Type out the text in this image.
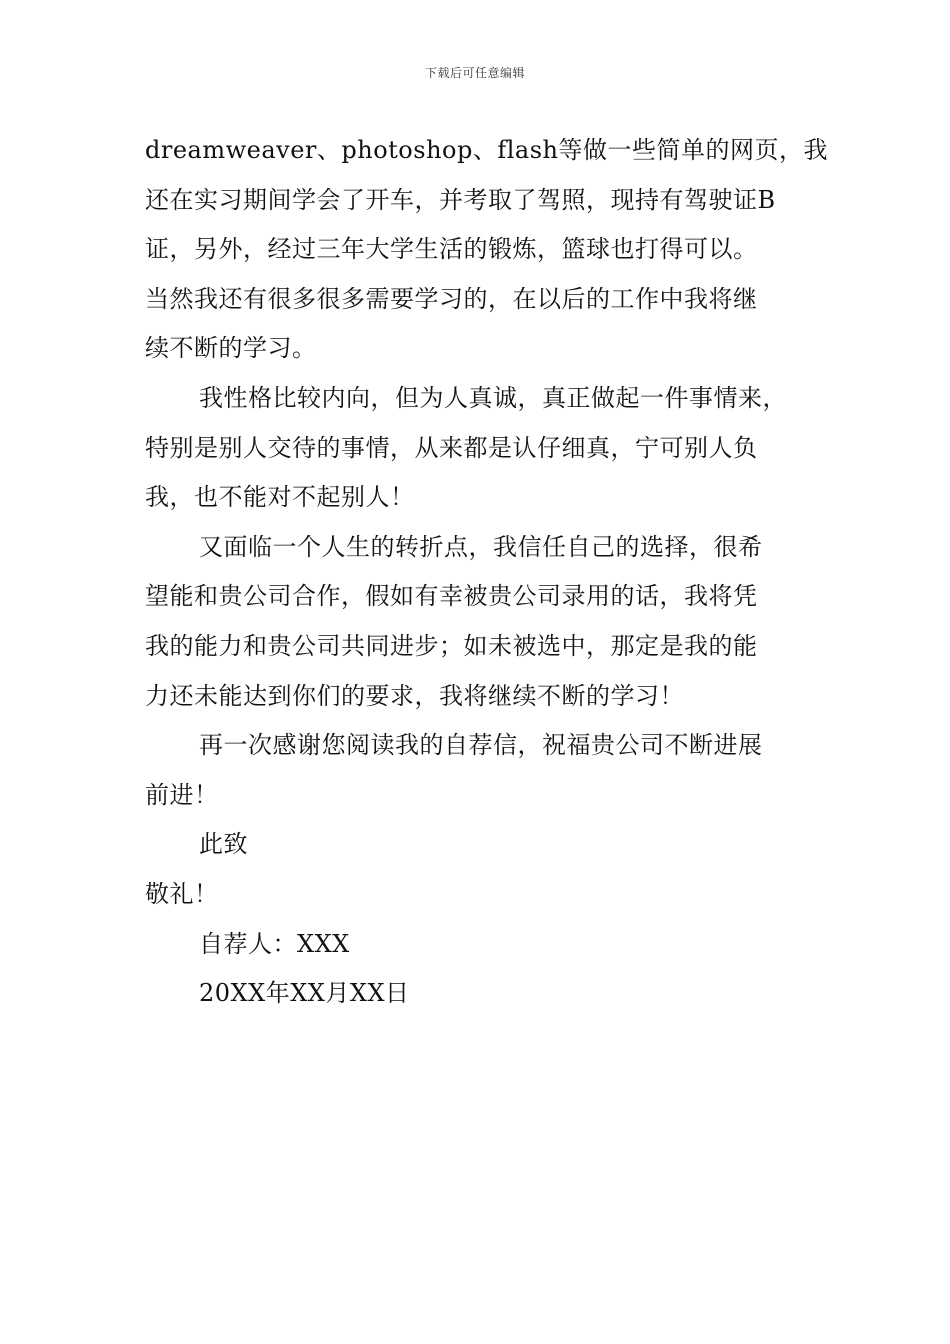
下载后可任意编辑
dreamweaver、photoshop、flash等做一些简单的网页，我
还在实习期间学会了开车，并考取了驾照，现持有驾驶证B
证，另外，经过三年大学生活的锻炼，篮球也打得可以。
当然我还有很多很多需要学习的，在以后的工作中我将继
续不断的学习。
我性格比较内向，但为人真诚，真正做起一件事情来，
特别是别人交待的事情，从来都是认仔细真，宁可别人负
我，也不能对不起别人！
又面临一个人生的转折点，我信任自己的选择，很希
望能和贵公司合作，假如有幸被贵公司录用的话，我将凭
我的能力和贵公司共同进步；如未被选中，那定是我的能
力还未能达到你们的要求，我将继续不断的学习！
再一次感谢您阅读我的自荐信，祝福贵公司不断进展
前进！
此致
敬礼！
自荐人：XXX
20XX年XX月XX日
